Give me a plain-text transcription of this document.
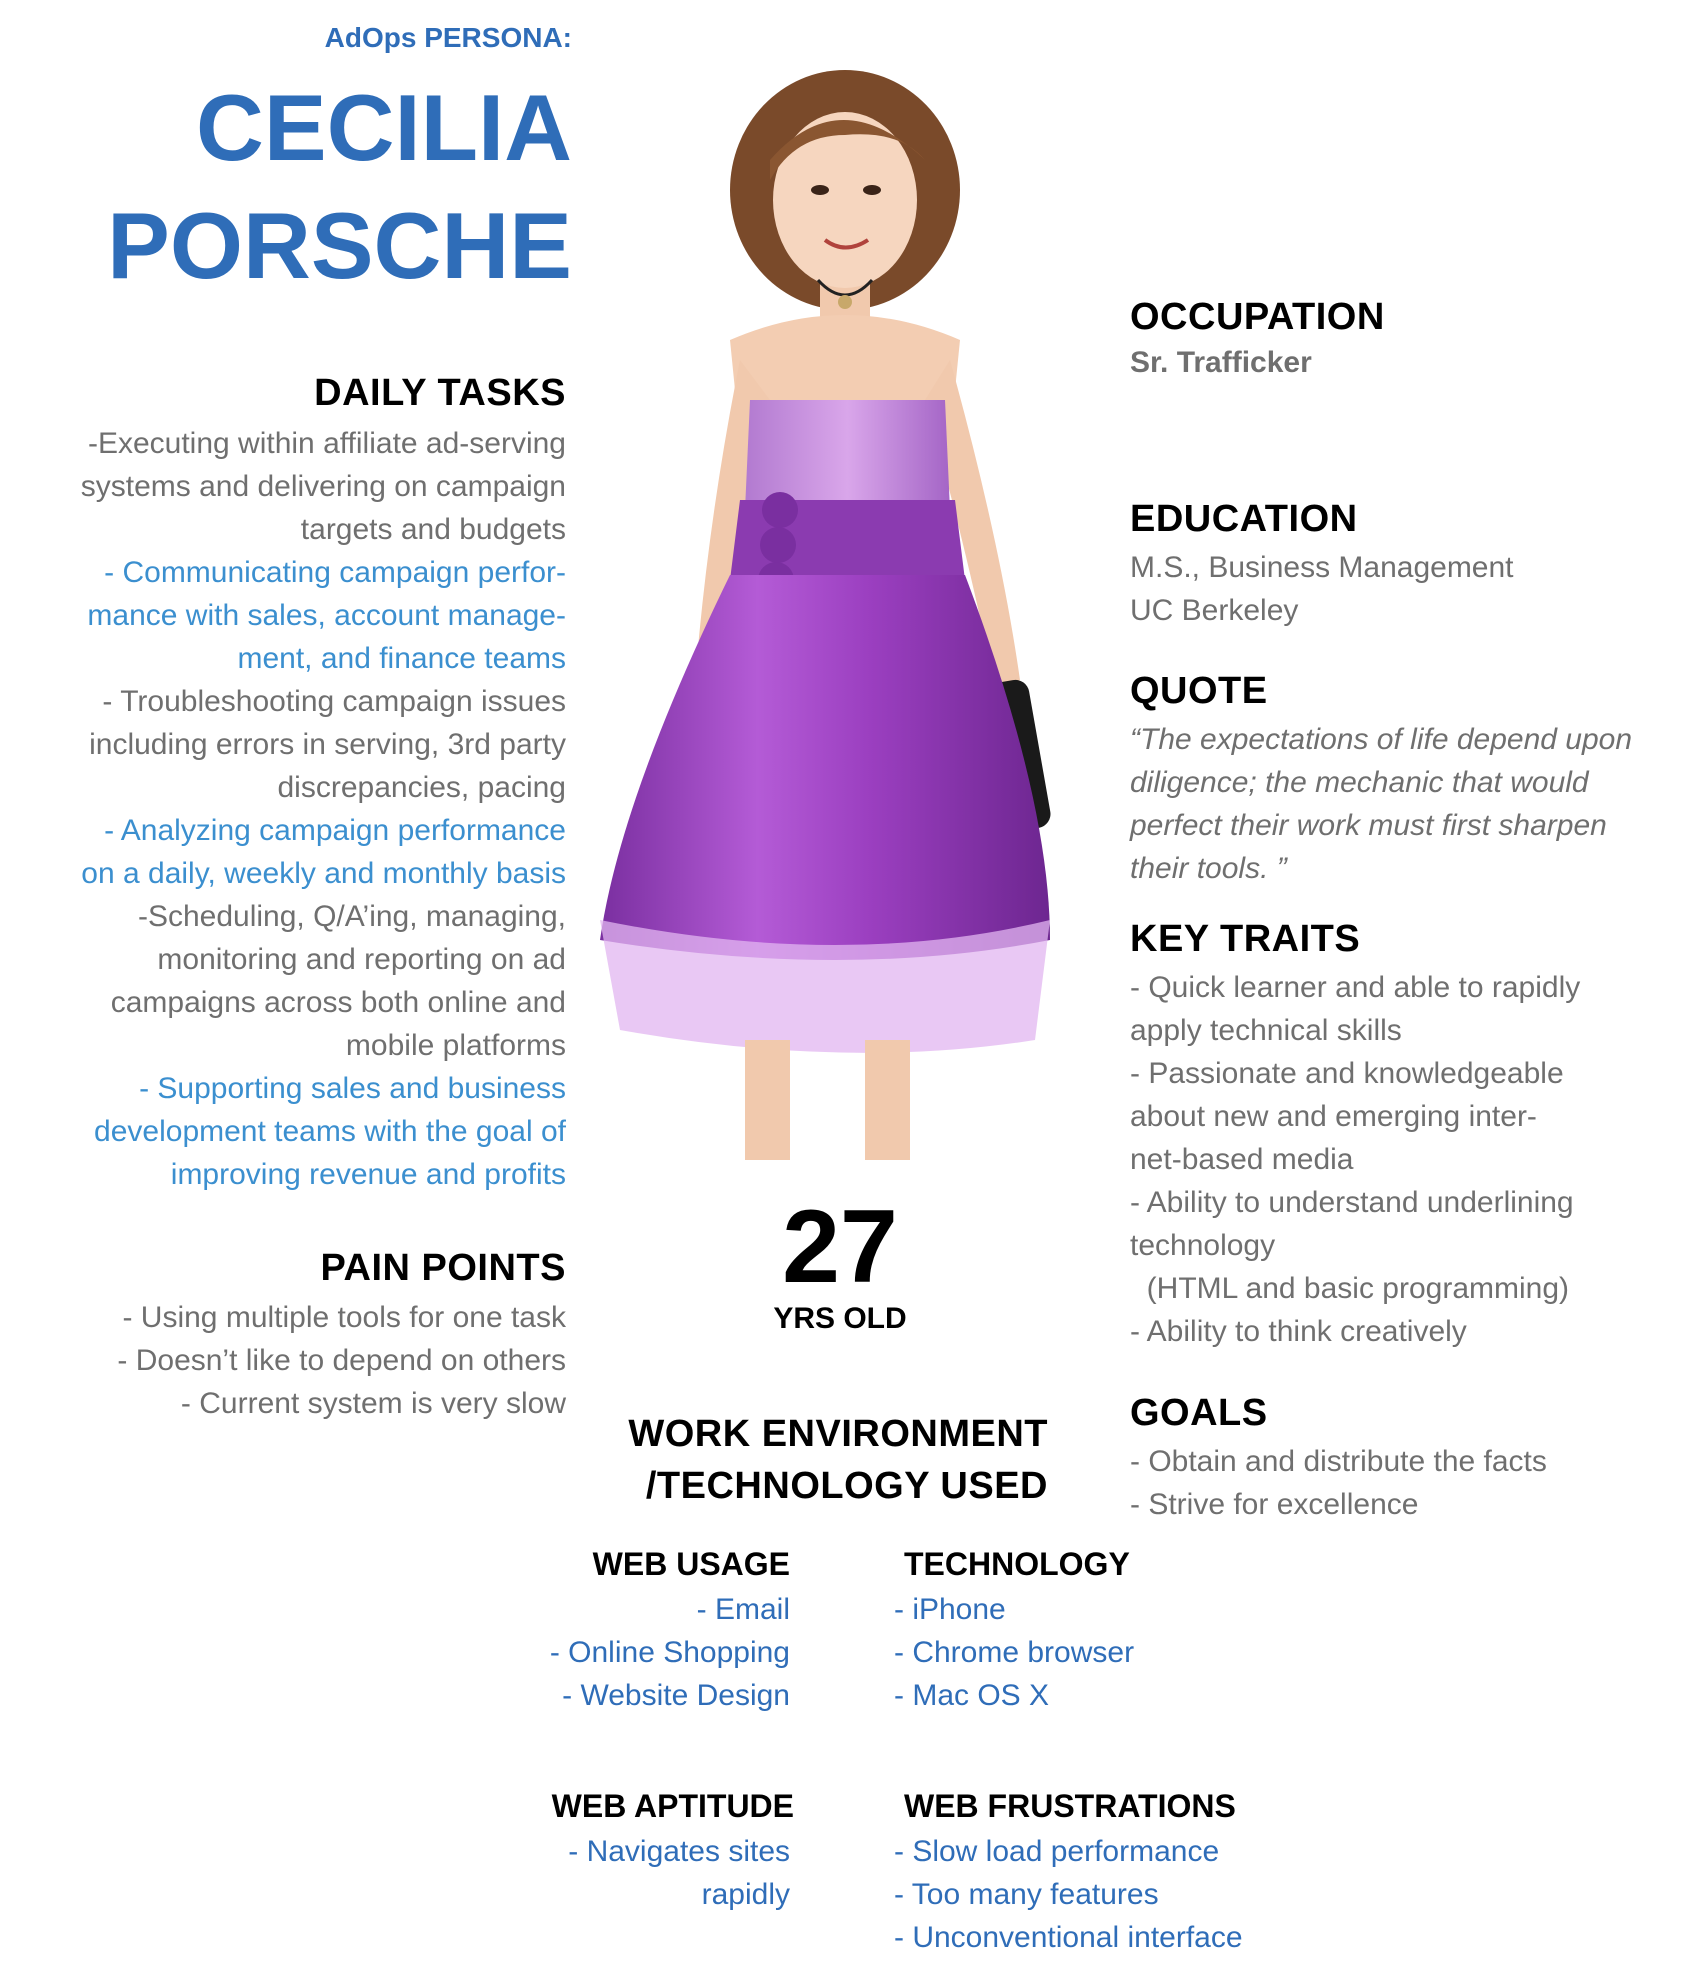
AdOps PERSONA:
CECILIA
PORSCHE
DAILY TASKS
-Executing within affiliate ad-serving
systems and delivering on campaign
targets and budgets
- Communicating campaign perfor-
mance with sales, account manage-
ment, and finance teams
- Troubleshooting campaign issues
including errors in serving, 3rd party
discrepancies, pacing
- Analyzing campaign performance
on a daily, weekly and monthly basis
-Scheduling, Q/A’ing, managing,
monitoring and reporting on ad
campaigns across both online and
mobile platforms
- Supporting sales and business
development teams with the goal of
improving revenue and profits
PAIN POINTS
- Using multiple tools for one task
- Doesn’t like to depend on others
- Current system is very slow
27
YRS OLD
OCCUPATION
Sr. Trafficker
EDUCATION
M.S., Business Management
UC Berkeley
QUOTE
“The expectations of life depend upon
diligence; the mechanic that would
perfect their work must first sharpen
their tools. ”
KEY TRAITS
- Quick learner and able to rapidly
apply technical skills
- Passionate and knowledgeable
about new and emerging inter-
net-based media
- Ability to understand underlining
technology
(HTML and basic programming)
- Ability to think creatively
GOALS
- Obtain and distribute the facts
- Strive for excellence
WORK ENVIRONMENT
/TECHNOLOGY USED
WEB USAGE
- Email
- Online Shopping
- Website Design
TECHNOLOGY
- iPhone
- Chrome browser
- Mac OS X
WEB APTITUDE
- Navigates sites
rapidly
WEB FRUSTRATIONS
- Slow load performance
- Too many features
- Unconventional interface
